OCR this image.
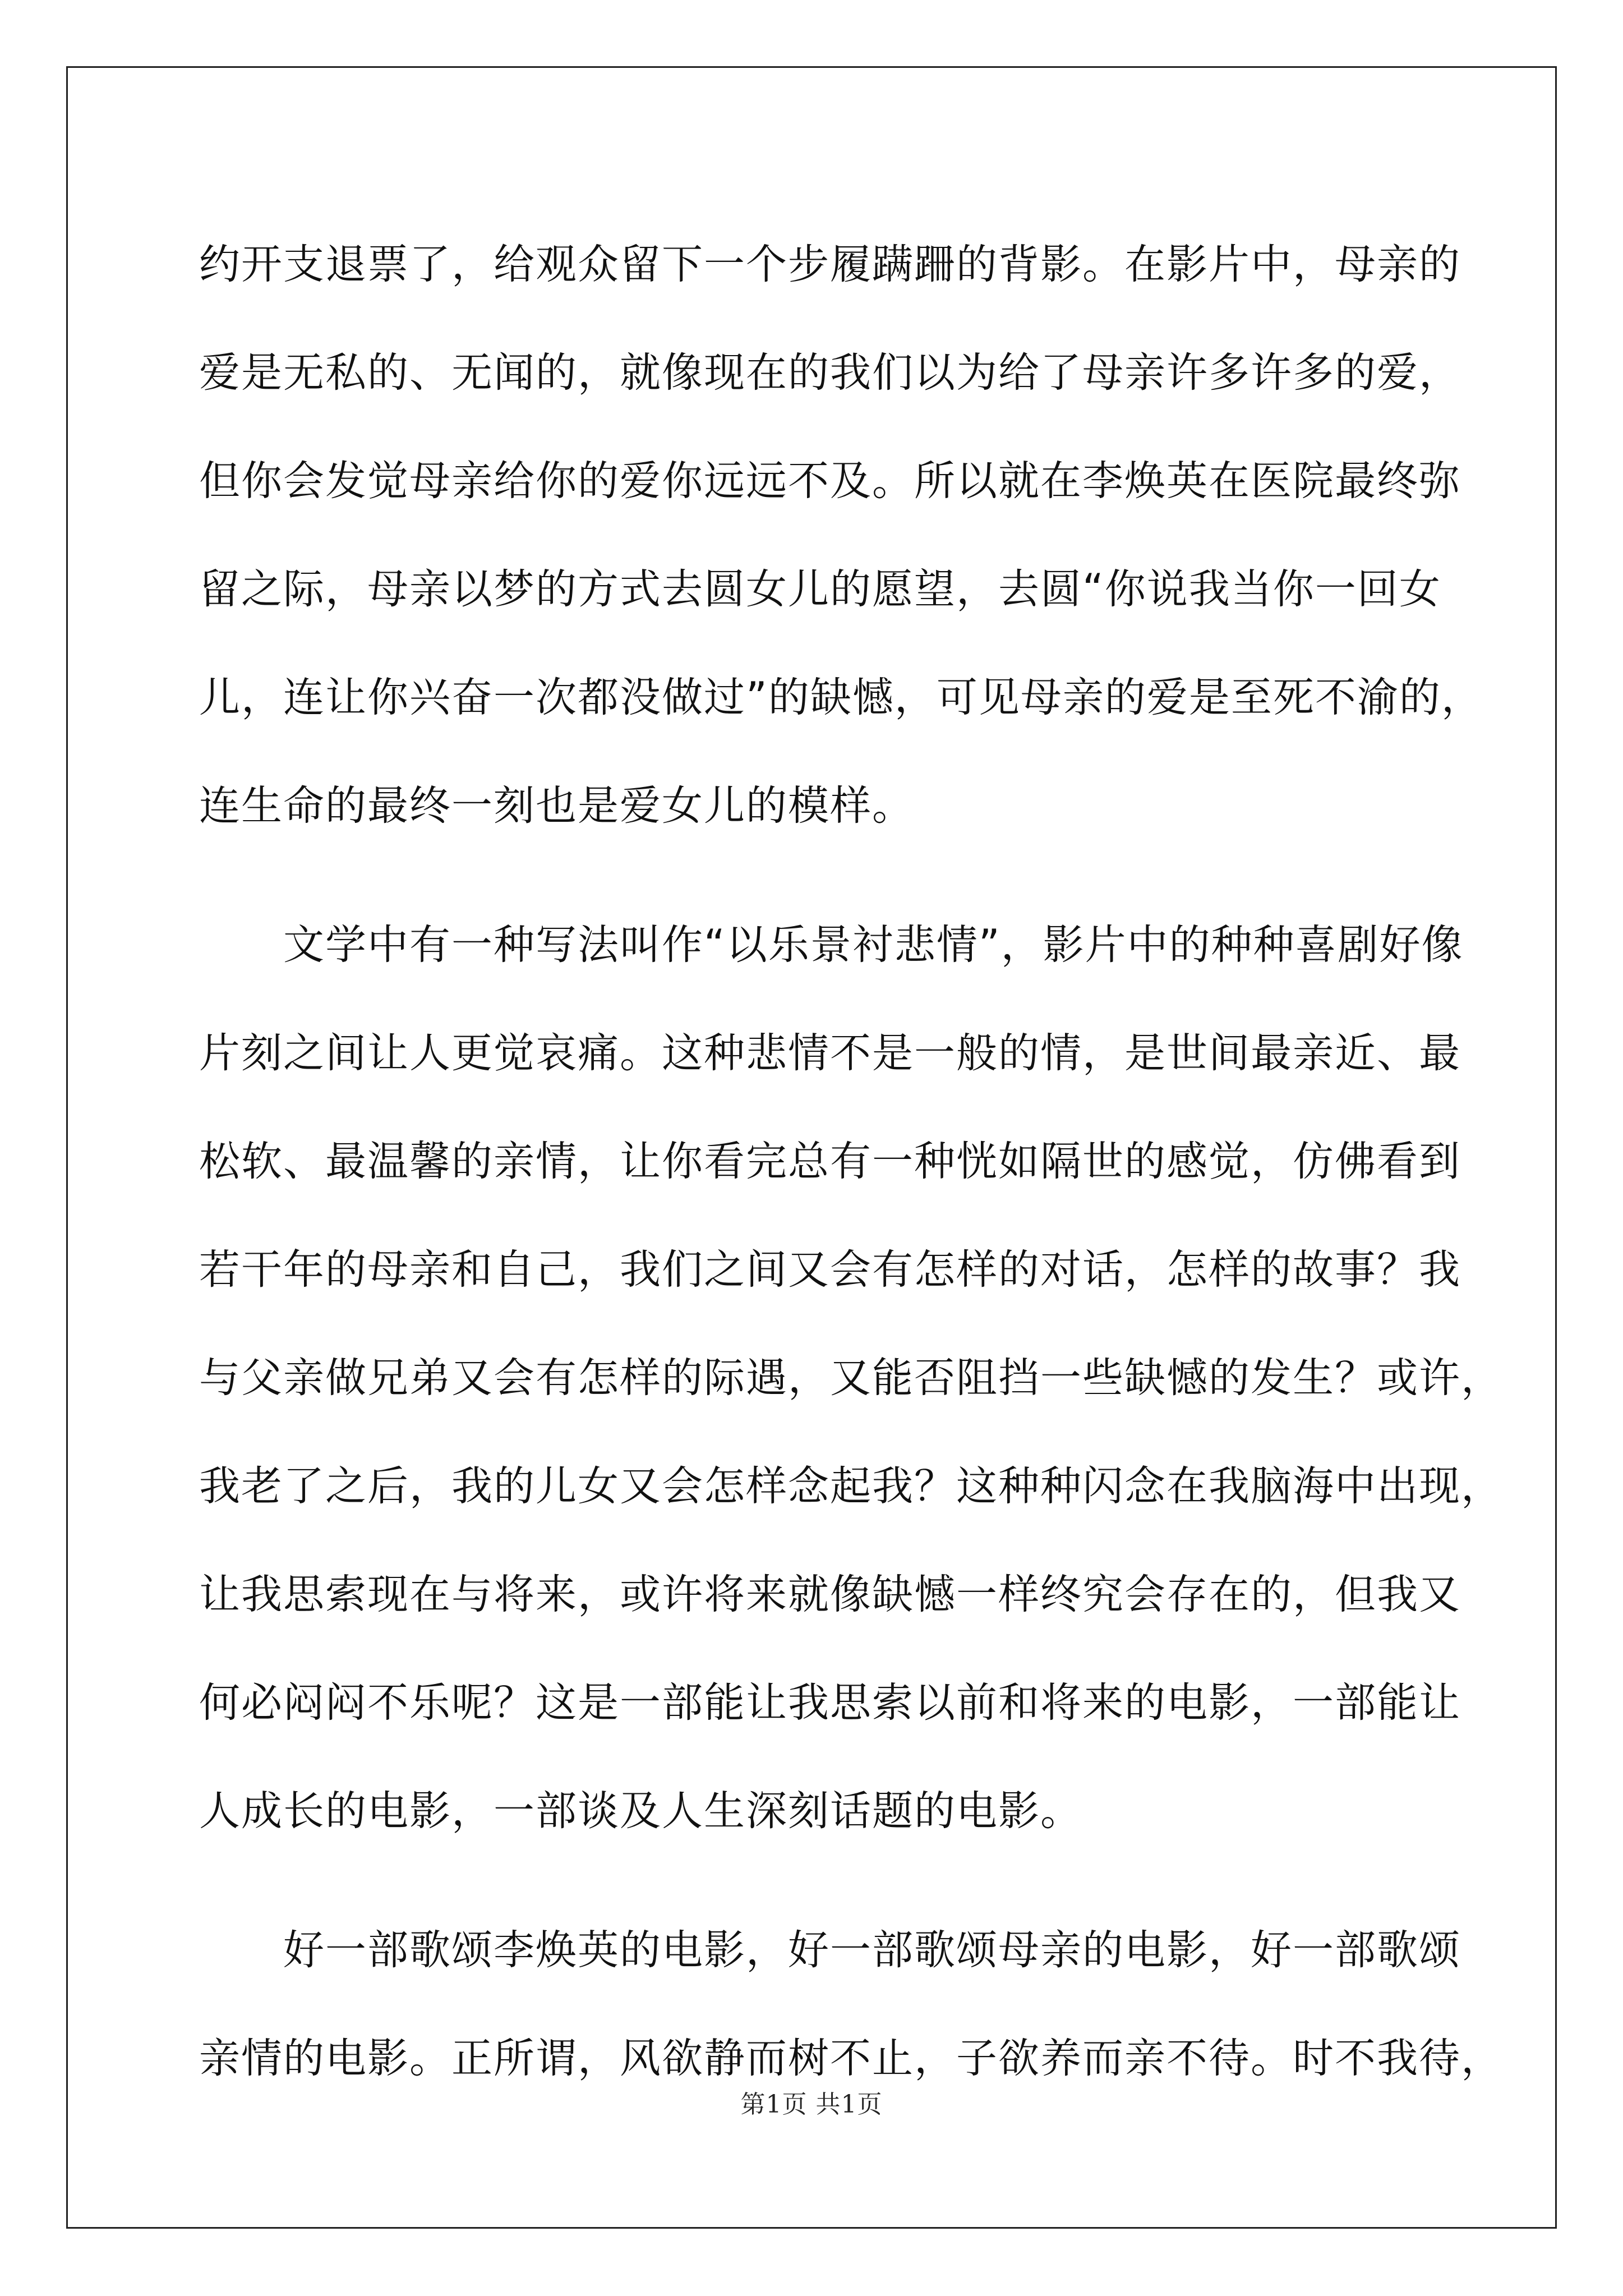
约开支退票了，给观众留下一个步履蹒跚的背影。在影片中，母亲的
爱是无私的、无闻的，就像现在的我们以为给了母亲许多许多的爱，
但你会发觉母亲给你的爱你远远不及。所以就在李焕英在医院最终弥
留之际，母亲以梦的方式去圆女儿的愿望，去圆“你说我当你一回女
儿，连让你兴奋一次都没做过”的缺憾，可见母亲的爱是至死不渝的，
连生命的最终一刻也是爱女儿的模样。
文学中有一种写法叫作“以乐景衬悲情”，影片中的种种喜剧好像
片刻之间让人更觉哀痛。这种悲情不是一般的情，是世间最亲近、最
松软、最温馨的亲情，让你看完总有一种恍如隔世的感觉，仿佛看到
若干年的母亲和自己，我们之间又会有怎样的对话，怎样的故事？我
与父亲做兄弟又会有怎样的际遇，又能否阻挡一些缺憾的发生？或许，
我老了之后，我的儿女又会怎样念起我？这种种闪念在我脑海中出现，
让我思索现在与将来，或许将来就像缺憾一样终究会存在的，但我又
何必闷闷不乐呢？这是一部能让我思索以前和将来的电影，一部能让
人成长的电影，一部谈及人生深刻话题的电影。
好一部歌颂李焕英的电影，好一部歌颂母亲的电影，好一部歌颂
亲情的电影。正所谓，风欲静而树不止，子欲养而亲不待。时不我待，
第1页 共1页
